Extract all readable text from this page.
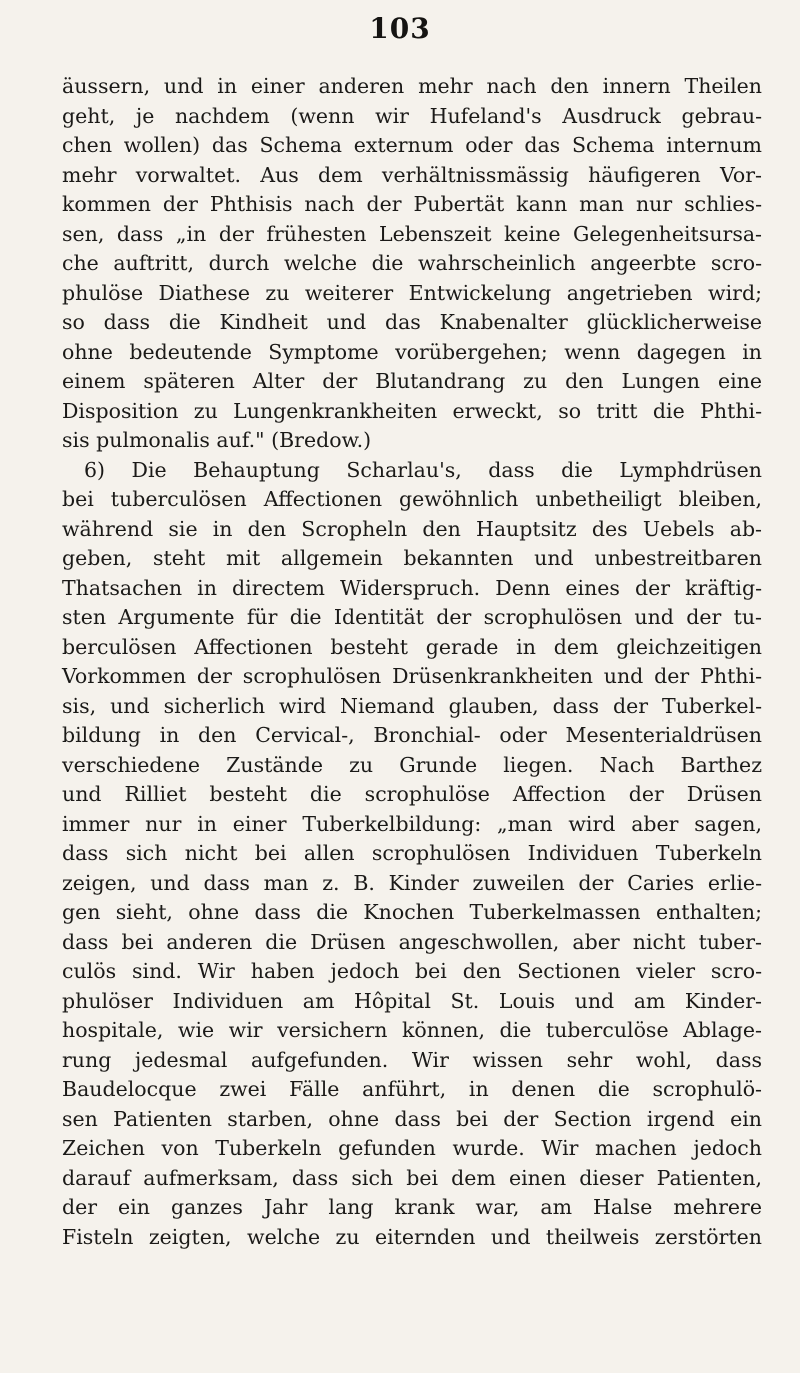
103
äussern, und in einer anderen mehr nach den innern Theilen
geht, je nachdem (wenn wir Hufeland's Ausdruck gebrau-
chen wollen) das Schema externum oder das Schema internum
mehr vorwaltet. Aus dem verhältnissmässig häufigeren Vor-
kommen der Phthisis nach der Pubertät kann man nur schlies-
sen, dass „in der frühesten Lebenszeit keine Gelegenheitsursa-
che auftritt, durch welche die wahrscheinlich angeerbte scro-
phulöse Diathese zu weiterer Entwickelung angetrieben wird;
so dass die Kindheit und das Knabenalter glücklicherweise
ohne bedeutende Symptome vorübergehen; wenn dagegen in
einem späteren Alter der Blutandrang zu den Lungen eine
Disposition zu Lungenkrankheiten erweckt, so tritt die Phthi-
sis pulmonalis auf." (Bredow.)
6) Die Behauptung Scharlau's, dass die Lymphdrüsen
bei tuberculösen Affectionen gewöhnlich unbetheiligt bleiben,
während sie in den Scropheln den Hauptsitz des Uebels ab-
geben, steht mit allgemein bekannten und unbestreitbaren
Thatsachen in directem Widerspruch. Denn eines der kräftig-
sten Argumente für die Identität der scrophulösen und der tu-
berculösen Affectionen besteht gerade in dem gleichzeitigen
Vorkommen der scrophulösen Drüsenkrankheiten und der Phthi-
sis, und sicherlich wird Niemand glauben, dass der Tuberkel-
bildung in den Cervical-, Bronchial- oder Mesenterialdrüsen
verschiedene Zustände zu Grunde liegen. Nach Barthez
und Rilliet besteht die scrophulöse Affection der Drüsen
immer nur in einer Tuberkelbildung: „man wird aber sagen,
dass sich nicht bei allen scrophulösen Individuen Tuberkeln
zeigen, und dass man z. B. Kinder zuweilen der Caries erlie-
gen sieht, ohne dass die Knochen Tuberkelmassen enthalten;
dass bei anderen die Drüsen angeschwollen, aber nicht tuber-
culös sind. Wir haben jedoch bei den Sectionen vieler scro-
phulöser Individuen am Hôpital St. Louis und am Kinder-
hospitale, wie wir versichern können, die tuberculöse Ablage-
rung jedesmal aufgefunden. Wir wissen sehr wohl, dass
Baudelocque zwei Fälle anführt, in denen die scrophulö-
sen Patienten starben, ohne dass bei der Section irgend ein
Zeichen von Tuberkeln gefunden wurde. Wir machen jedoch
darauf aufmerksam, dass sich bei dem einen dieser Patienten,
der ein ganzes Jahr lang krank war, am Halse mehrere
Fisteln zeigten, welche zu eiternden und theilweis zerstörten
